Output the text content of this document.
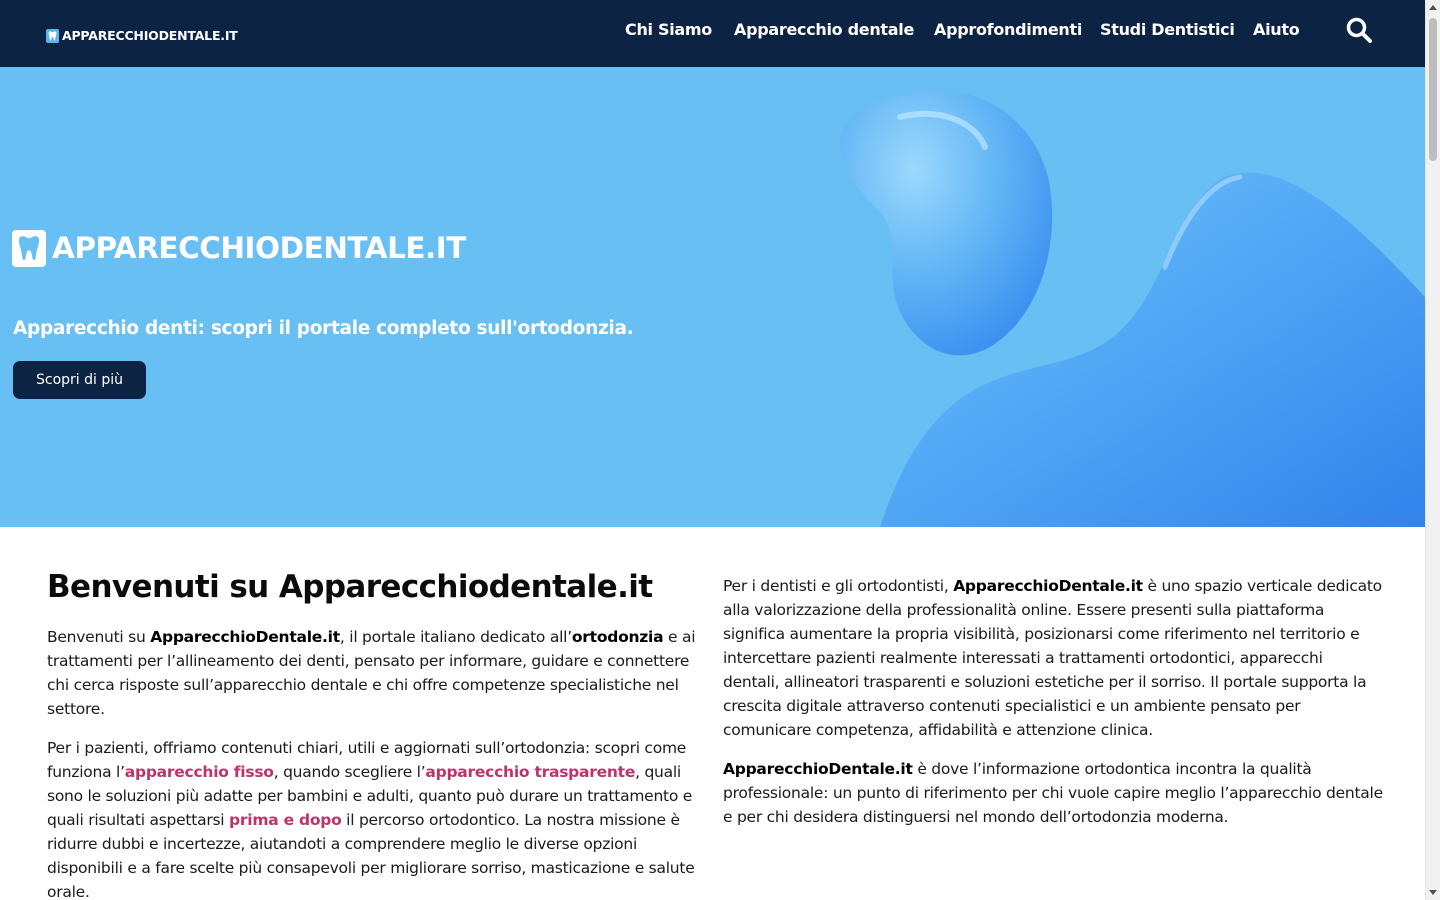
APPARECCHIODENTALE.IT	Chi Siamo Apparecchio dentale Approfondimenti Studi Dentistici Aiuto
APPARECCHIODENTALE.IT
Apparecchio denti: scopri il portale completo sull'ortodonzia.
Scopri di più
Benvenuti su Apparecchiodentale.it

Benvenuti su ApparecchioDentale.it, il portale italiano dedicato all’ortodonzia e ai trattamenti per l’allineamento dei denti, pensato per informare, guidare e connettere chi cerca risposte sull’apparecchio dentale e chi offre competenze specialistiche nel settore.

Per i pazienti, offriamo contenuti chiari, utili e aggiornati sull’ortodonzia: scopri come funziona l’apparecchio fisso, quando scegliere l’apparecchio trasparente, quali sono le soluzioni più adatte per bambini e adulti, quanto può durare un trattamento e quali risultati aspettarsi prima e dopo il percorso ortodontico. La nostra missione è ridurre dubbi e incertezze, aiutandoti a comprendere meglio le diverse opzioni disponibili e a fare scelte più consapevoli per migliorare sorriso, masticazione e salute orale.

Per i dentisti e gli ortodontisti, ApparecchioDentale.it è uno spazio verticale dedicato alla valorizzazione della professionalità online. Essere presenti sulla piattaforma significa aumentare la propria visibilità, posizionarsi come riferimento nel territorio e intercettare pazienti realmente interessati a trattamenti ortodontici, apparecchi dentali, allineatori trasparenti e soluzioni estetiche per il sorriso. Il portale supporta la crescita digitale attraverso contenuti specialistici e un ambiente pensato per comunicare competenza, affidabilità e attenzione clinica.

ApparecchioDentale.it è dove l’informazione ortodontica incontra la qualità professionale: un punto di riferimento per chi vuole capire meglio l’apparecchio dentale e per chi desidera distinguersi nel mondo dell’ortodonzia moderna.
